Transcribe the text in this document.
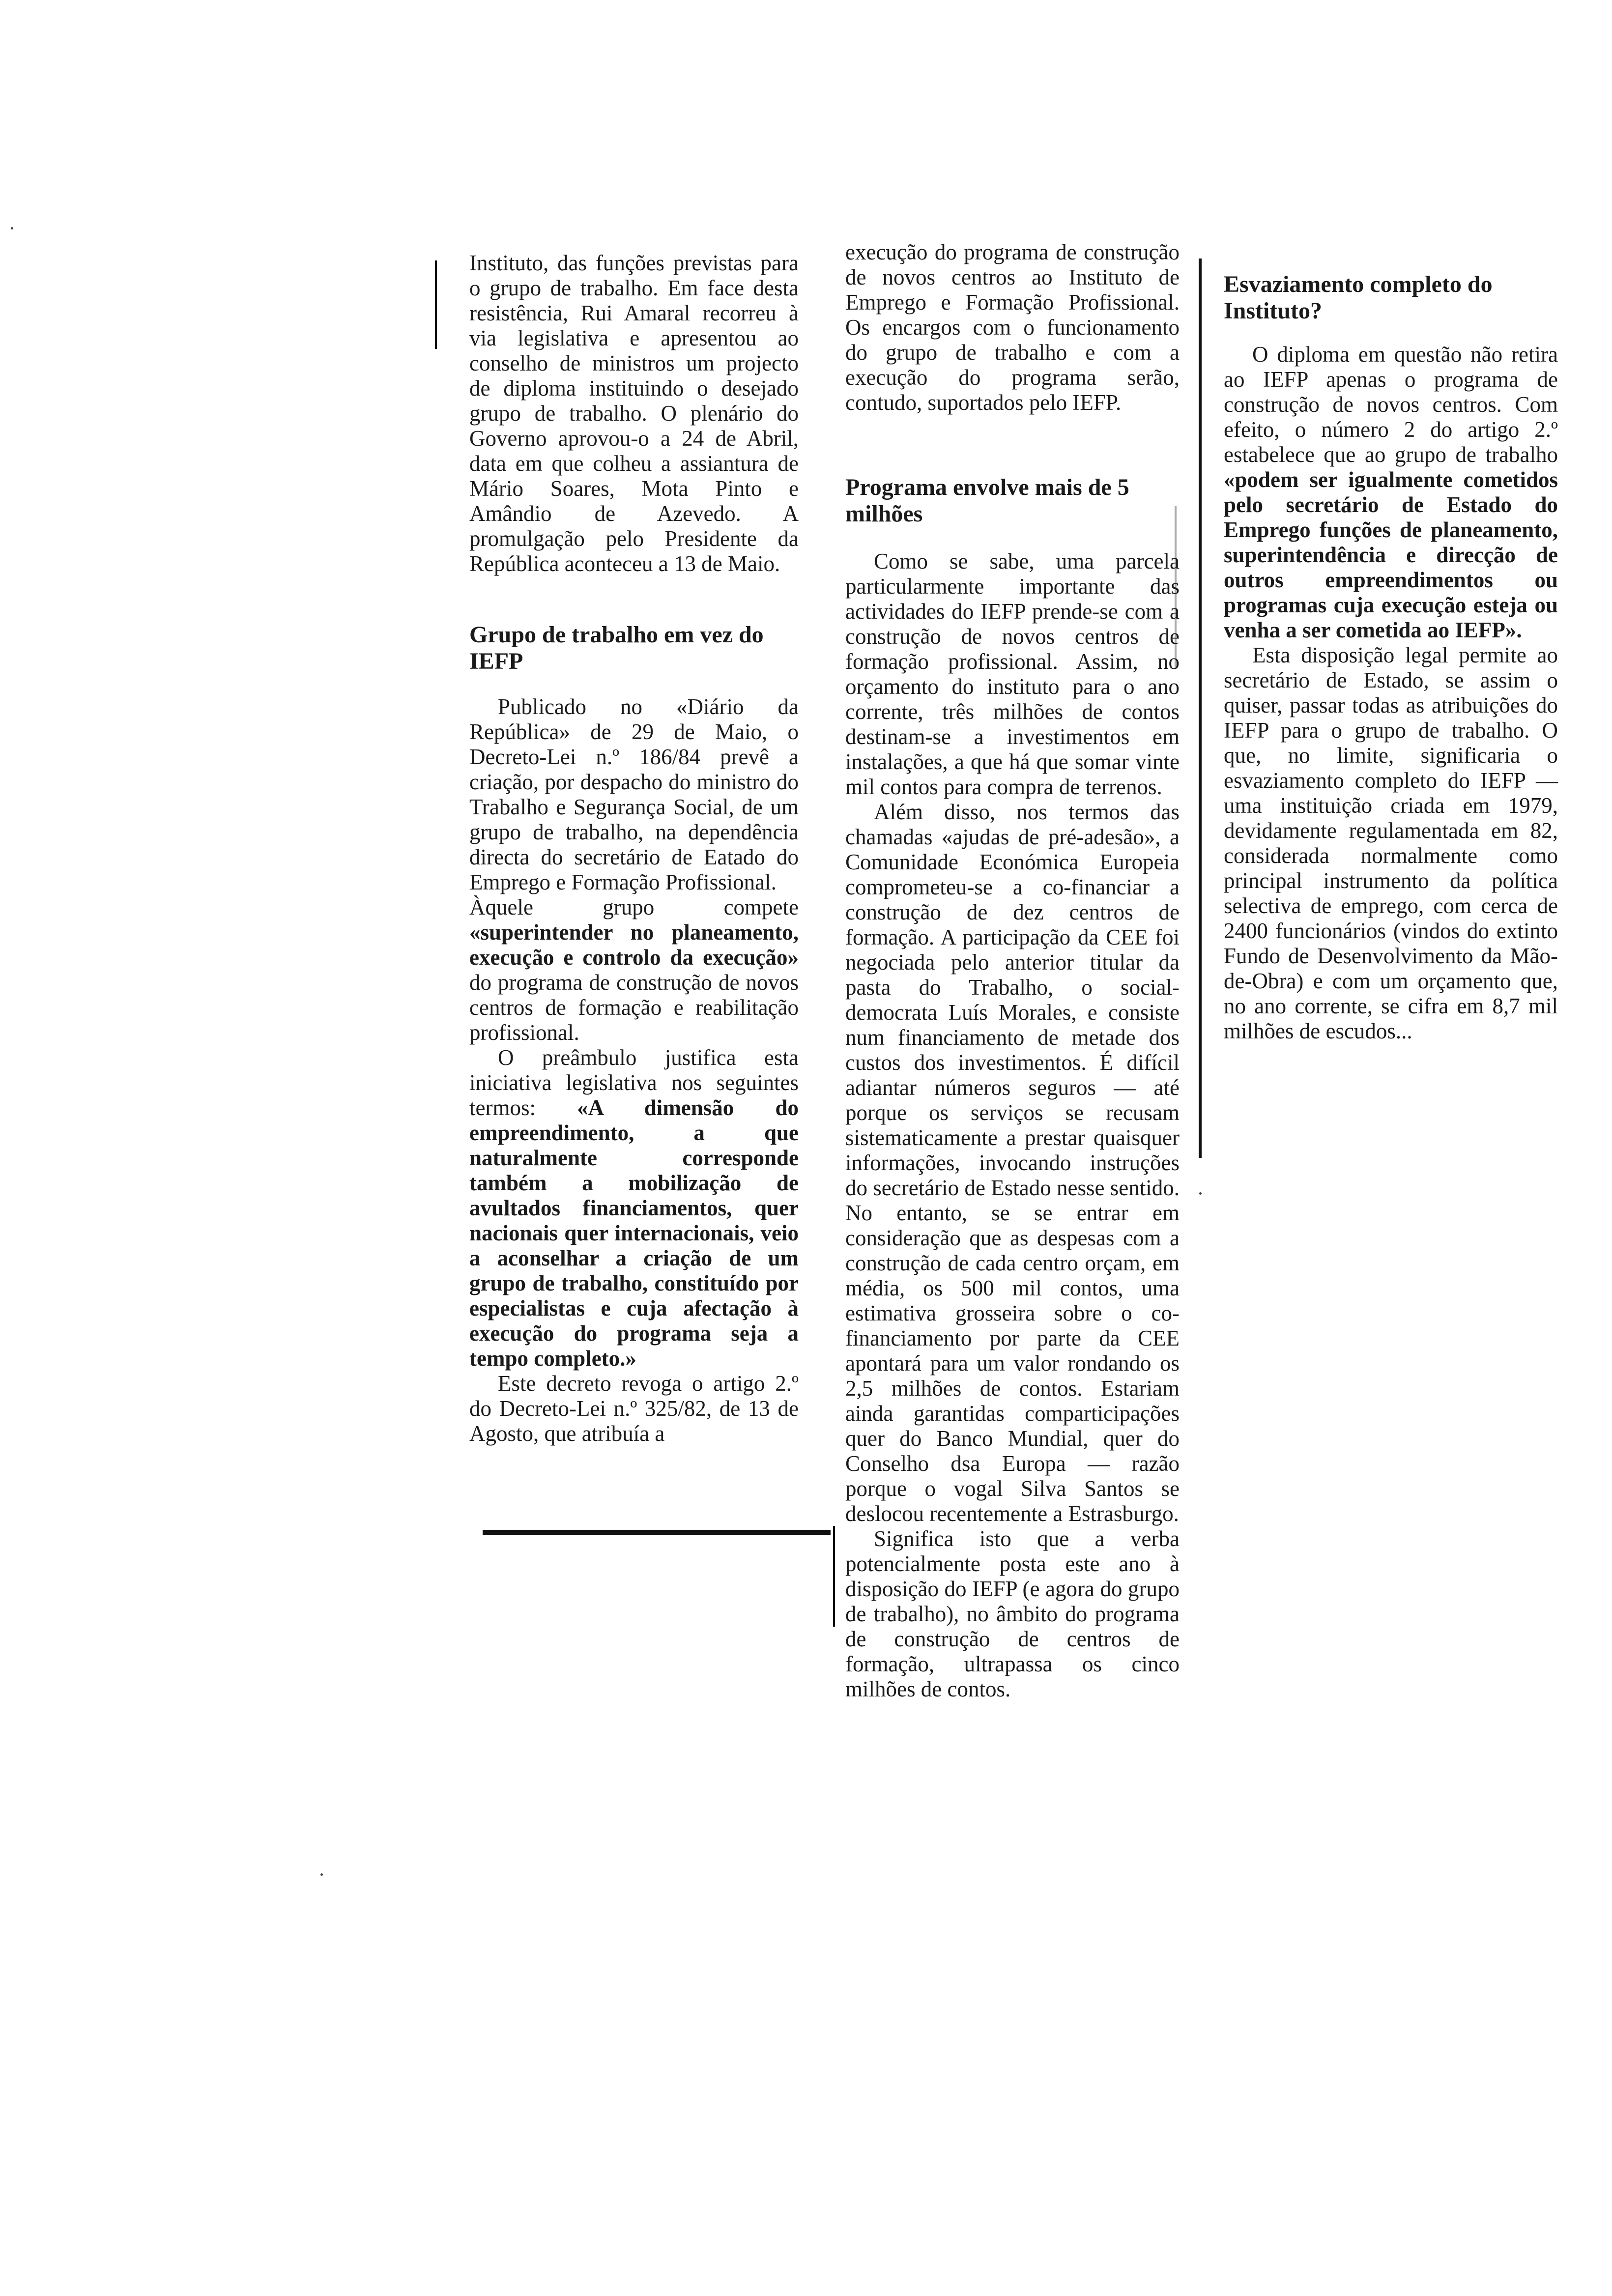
Instituto, das funções previstas para o grupo de trabalho. Em face desta resistência, Rui Amaral recorreu à via legislativa e apresentou ao conselho de ministros um projecto de diploma instituindo o desejado grupo de trabalho. O plenário do Governo aprovou-o a 24 de Abril, data em que colheu a assiantura de Mário Soares, Mota Pinto e Amândio de Azevedo. A promulgação pelo Presidente da República aconteceu a 13 de Maio.

Grupo de trabalho em vez do IEFP

Publicado no «Diário da República» de 29 de Maio, o Decreto-Lei n.º 186/84 prevê a criação, por despacho do ministro do Trabalho e Segurança Social, de um grupo de trabalho, na dependência directa do secretário de Eatado do Emprego e Formação Profissional.

Àquele grupo compete «superintender no planeamento, execução e controlo da execução» do programa de construção de novos centros de formação e reabilitação profissional.

O preâmbulo justifica esta iniciativa legislativa nos seguintes termos: «A dimensão do empreendimento, a que naturalmente corresponde também a mobilização de avultados financiamentos, quer nacionais quer internacionais, veio a aconselhar a criação de um grupo de trabalho, constituído por especialistas e cuja afectação à execução do programa seja a tempo completo.»

Este decreto revoga o artigo 2.º do Decreto-Lei n.º 325/82, de 13 de Agosto, que atribuía a

execução do programa de construção de novos centros ao Instituto de Emprego e Formação Profissional. Os encargos com o funcionamento do grupo de trabalho e com a execução do programa serão, contudo, suportados pelo IEFP.

Programa envolve mais de 5 milhões

Como se sabe, uma parcela particularmente importante das actividades do IEFP prende-se com a construção de novos centros de formação profissional. Assim, no orçamento do instituto para o ano corrente, três milhões de contos destinam-se a investimentos em instalações, a que há que somar vinte mil contos para compra de terrenos.

Além disso, nos termos das chamadas «ajudas de pré-adesão», a Comunidade Económica Europeia comprometeu-se a co-financiar a construção de dez centros de formação. A participação da CEE foi negociada pelo anterior titular da pasta do Trabalho, o social-democrata Luís Morales, e consiste num financiamento de metade dos custos dos investimentos. É difícil adiantar números seguros — até porque os serviços se recusam sistematicamente a prestar quaisquer informações, invocando instruções do secretário de Estado nesse sentido. No entanto, se se entrar em consideração que as despesas com a construção de cada centro orçam, em média, os 500 mil contos, uma estimativa grosseira sobre o co-financiamento por parte da CEE apontará para um valor rondando os 2,5 milhões de contos. Estariam ainda garantidas comparticipações quer do Banco Mundial, quer do Conselho dsa Europa — razão porque o vogal Silva Santos se deslocou recentemente a Estrasburgo.

Significa isto que a verba potencialmente posta este ano à disposição do IEFP (e agora do grupo de trabalho), no âmbito do programa de construção de centros de formação, ultrapassa os cinco milhões de contos.

Esvaziamento completo do Instituto?

O diploma em questão não retira ao IEFP apenas o programa de construção de novos centros. Com efeito, o número 2 do artigo 2.º estabelece que ao grupo de trabalho «podem ser igualmente cometidos pelo secretário de Estado do Emprego funções de planeamento, superintendência e direcção de outros empreendimentos ou programas cuja execução esteja ou venha a ser cometida ao IEFP».

Esta disposição legal permite ao secretário de Estado, se assim o quiser, passar todas as atribuições do IEFP para o grupo de trabalho. O que, no limite, significaria o esvaziamento completo do IEFP — uma instituição criada em 1979, devidamente regulamentada em 82, considerada normalmente como principal instrumento da política selectiva de emprego, com cerca de 2400 funcionários (vindos do extinto Fundo de Desenvolvimento da Mão-de-Obra) e com um orçamento que, no ano corrente, se cifra em 8,7 mil milhões de escudos...
